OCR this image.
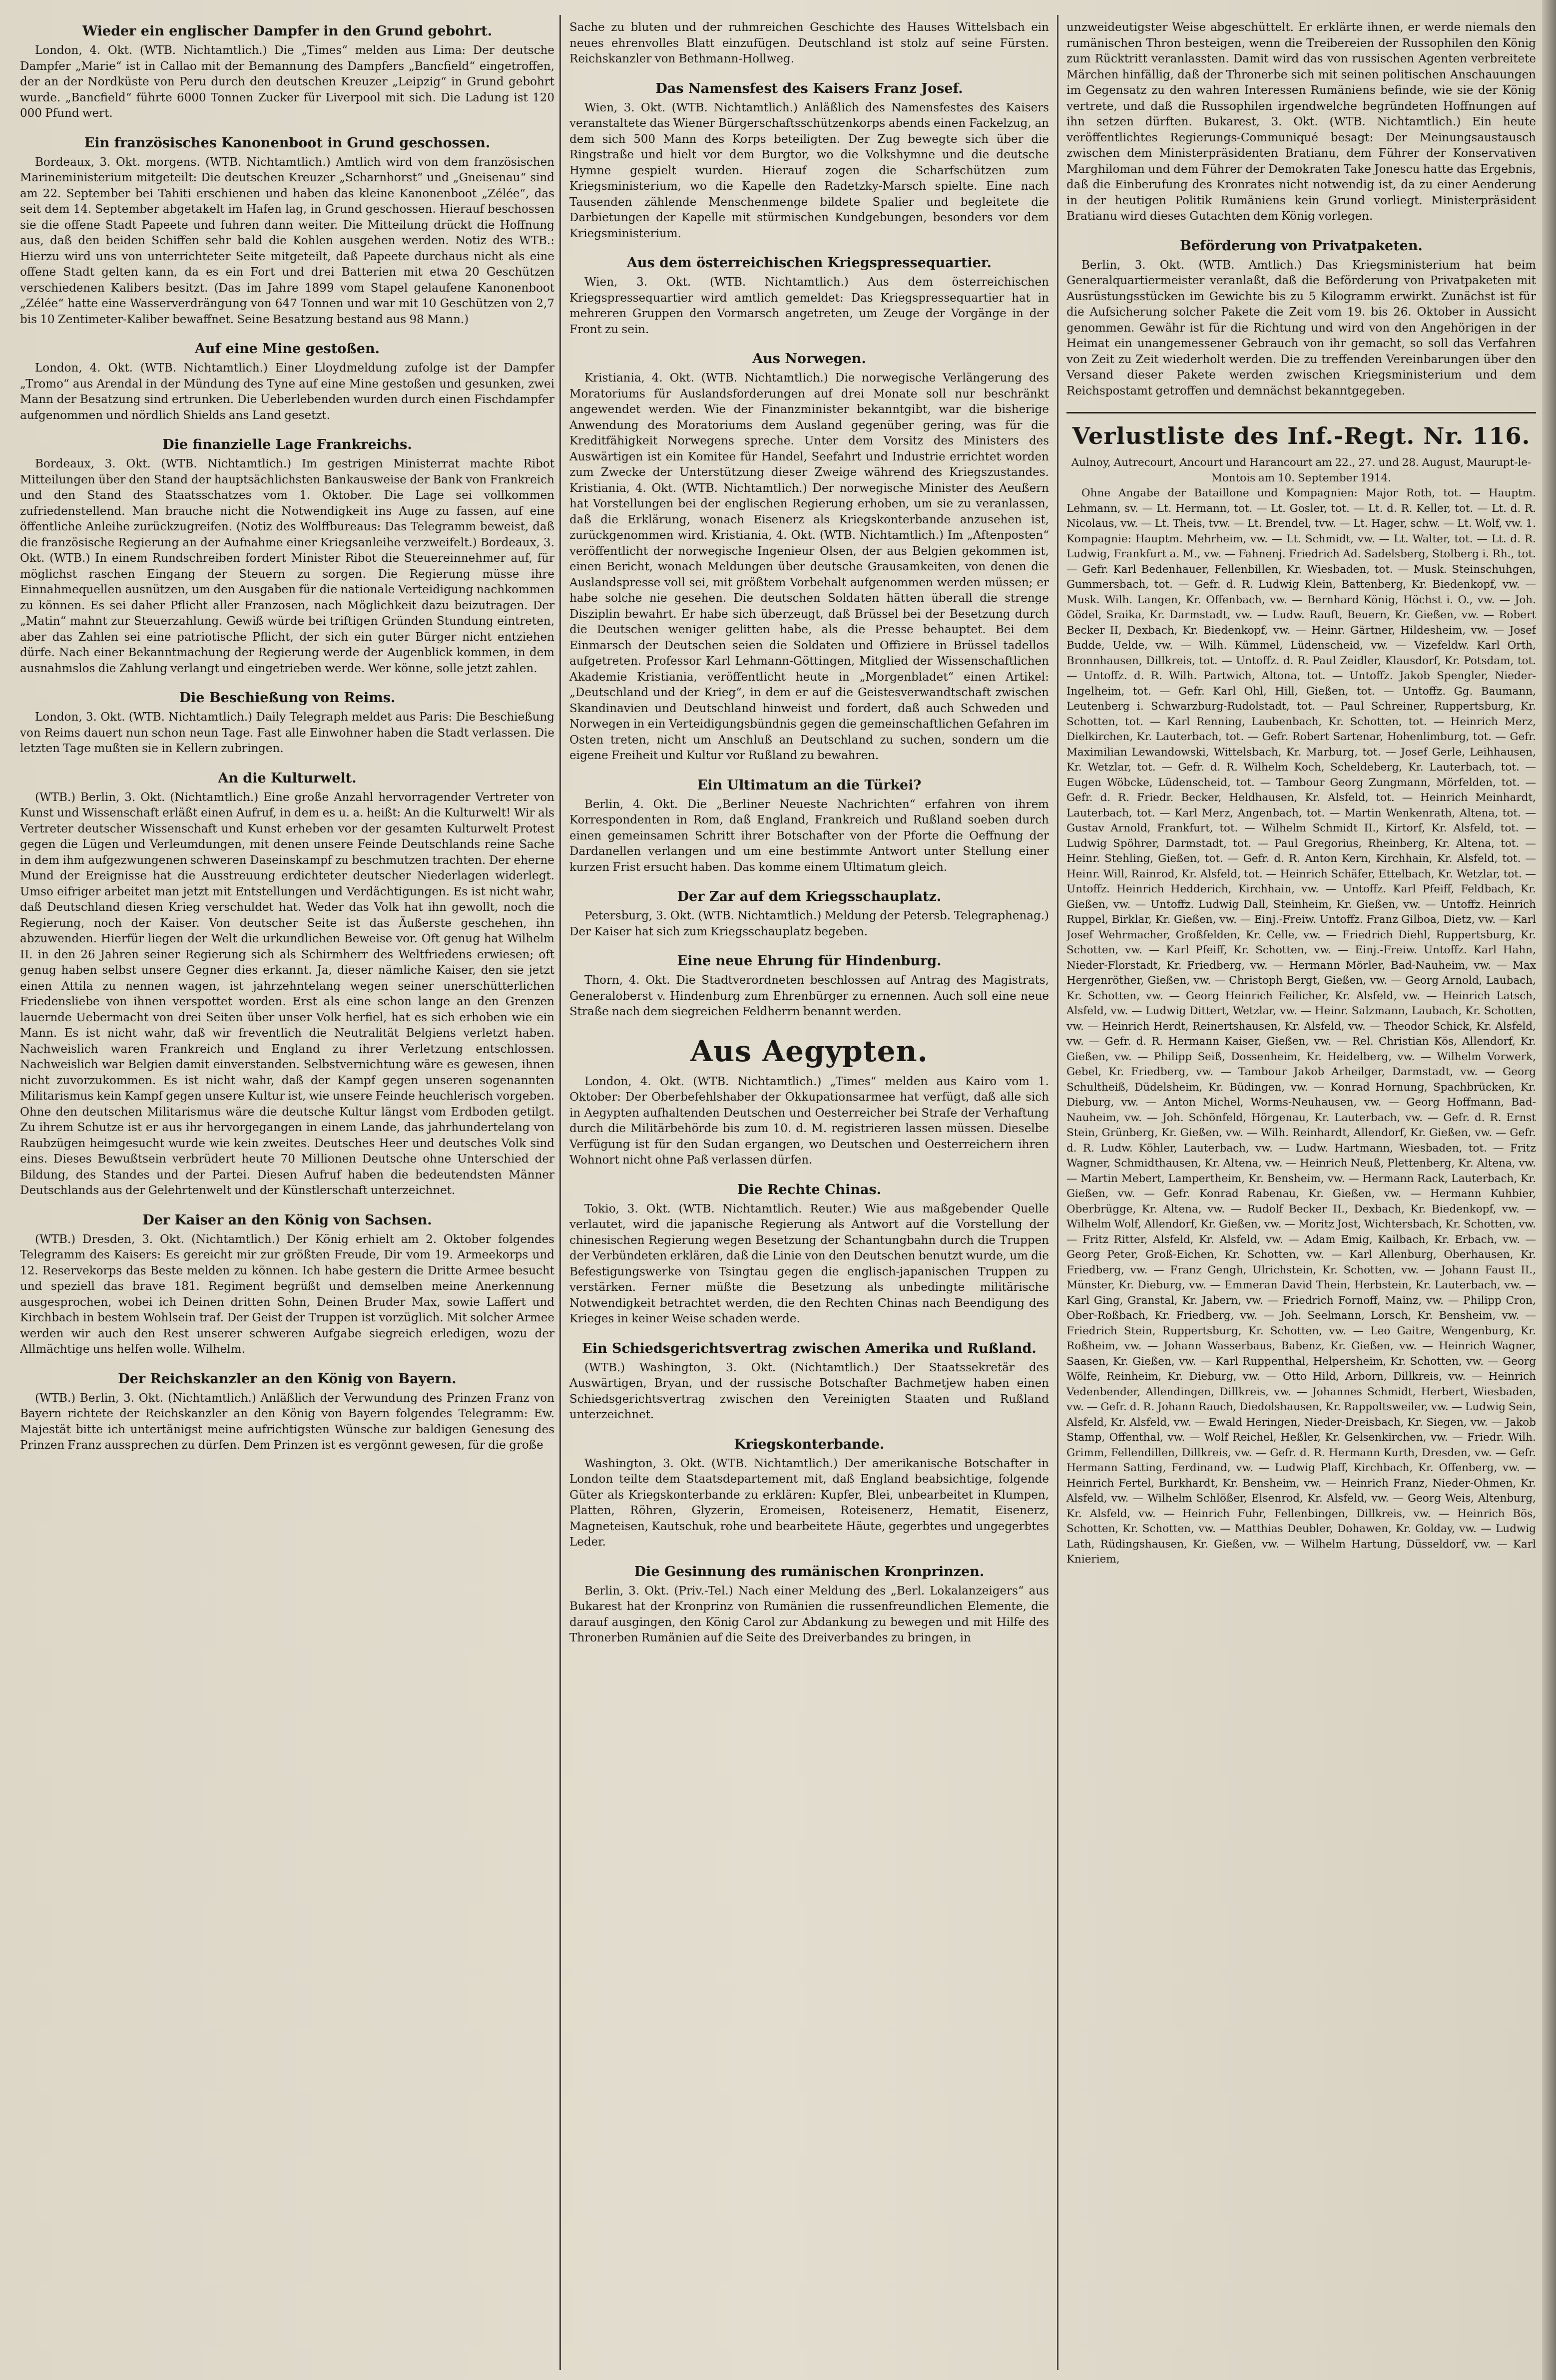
Wieder ein englischer Dampfer in den Grund gebohrt.

London, 4. Okt. (WTB. Nichtamtlich.) Die „Times“ melden aus Lima: Der deutsche Dampfer „Marie“ ist in Callao mit der Bemannung des Dampfers „Bancfield“ eingetroffen, der an der Nordküste von Peru durch den deutschen Kreuzer „Leipzig“ in Grund gebohrt wurde. „Bancfield“ führte 6000 Tonnen Zucker für Liverpool mit sich. Die Ladung ist 120 000 Pfund wert.

Ein französisches Kanonenboot in Grund geschossen.

Bordeaux, 3. Okt. morgens. (WTB. Nichtamtlich.) Amtlich wird von dem französischen Marineministerium mitgeteilt: Die deutschen Kreuzer „Scharnhorst“ und „Gneisenau“ sind am 22. September bei Tahiti erschienen und haben das kleine Kanonenboot „Zélée“, das seit dem 14. September abgetakelt im Hafen lag, in Grund geschossen. Hierauf beschossen sie die offene Stadt Papeete und fuhren dann weiter. Die Mitteilung drückt die Hoffnung aus, daß den beiden Schiffen sehr bald die Kohlen ausgehen werden. Notiz des WTB.: Hierzu wird uns von unterrichteter Seite mitgeteilt, daß Papeete durchaus nicht als eine offene Stadt gelten kann, da es ein Fort und drei Batterien mit etwa 20 Geschützen verschiedenen Kalibers besitzt. (Das im Jahre 1899 vom Stapel gelaufene Kanonenboot „Zélée“ hatte eine Wasserverdrängung von 647 Tonnen und war mit 10 Geschützen von 2,7 bis 10 Zentimeter-Kaliber bewaffnet. Seine Besatzung bestand aus 98 Mann.)

Auf eine Mine gestoßen.

London, 4. Okt. (WTB. Nichtamtlich.) Einer Lloydmeldung zufolge ist der Dampfer „Tromo“ aus Arendal in der Mündung des Tyne auf eine Mine gestoßen und gesunken, zwei Mann der Besatzung sind ertrunken. Die Ueberlebenden wurden durch einen Fischdampfer aufgenommen und nördlich Shields ans Land gesetzt.

Die finanzielle Lage Frankreichs.

Bordeaux, 3. Okt. (WTB. Nichtamtlich.) Im gestrigen Ministerrat machte Ribot Mitteilungen über den Stand der hauptsächlichsten Bankausweise der Bank von Frankreich und den Stand des Staatsschatzes vom 1. Oktober. Die Lage sei vollkommen zufriedenstellend. Man brauche nicht die Notwendigkeit ins Auge zu fassen, auf eine öffentliche Anleihe zurückzugreifen. (Notiz des Wolffbureaus: Das Telegramm beweist, daß die französische Regierung an der Aufnahme einer Kriegsanleihe verzweifelt.) Bordeaux, 3. Okt. (WTB.) In einem Rundschreiben fordert Minister Ribot die Steuereinnehmer auf, für möglichst raschen Eingang der Steuern zu sorgen. Die Regierung müsse ihre Einnahmequellen ausnützen, um den Ausgaben für die nationale Verteidigung nachkommen zu können. Es sei daher Pflicht aller Franzosen, nach Möglichkeit dazu beizutragen. Der „Matin“ mahnt zur Steuerzahlung. Gewiß würde bei triftigen Gründen Stundung eintreten, aber das Zahlen sei eine patriotische Pflicht, der sich ein guter Bürger nicht entziehen dürfe. Nach einer Bekanntmachung der Regierung werde der Augenblick kommen, in dem ausnahmslos die Zahlung verlangt und eingetrieben werde. Wer könne, solle jetzt zahlen.

Die Beschießung von Reims.

London, 3. Okt. (WTB. Nichtamtlich.) Daily Telegraph meldet aus Paris: Die Beschießung von Reims dauert nun schon neun Tage. Fast alle Einwohner haben die Stadt verlassen. Die letzten Tage mußten sie in Kellern zubringen.

An die Kulturwelt.

(WTB.) Berlin, 3. Okt. (Nichtamtlich.) Eine große Anzahl hervorragender Vertreter von Kunst und Wissenschaft erläßt einen Aufruf, in dem es u. a. heißt: An die Kulturwelt! Wir als Vertreter deutscher Wissenschaft und Kunst erheben vor der gesamten Kulturwelt Protest gegen die Lügen und Verleumdungen, mit denen unsere Feinde Deutschlands reine Sache in dem ihm aufgezwungenen schweren Daseinskampf zu beschmutzen trachten. Der eherne Mund der Ereignisse hat die Ausstreuung erdichteter deutscher Niederlagen widerlegt. Umso eifriger arbeitet man jetzt mit Entstellungen und Verdächtigungen. Es ist nicht wahr, daß Deutschland diesen Krieg verschuldet hat. Weder das Volk hat ihn gewollt, noch die Regierung, noch der Kaiser. Von deutscher Seite ist das Äußerste geschehen, ihn abzuwenden. Hierfür liegen der Welt die urkundlichen Beweise vor. Oft genug hat Wilhelm II. in den 26 Jahren seiner Regierung sich als Schirmherr des Weltfriedens erwiesen; oft genug haben selbst unsere Gegner dies erkannt. Ja, dieser nämliche Kaiser, den sie jetzt einen Attila zu nennen wagen, ist jahrzehntelang wegen seiner unerschütterlichen Friedensliebe von ihnen verspottet worden. Erst als eine schon lange an den Grenzen lauernde Uebermacht von drei Seiten über unser Volk herfiel, hat es sich erhoben wie ein Mann. Es ist nicht wahr, daß wir freventlich die Neutralität Belgiens verletzt haben. Nachweislich waren Frankreich und England zu ihrer Verletzung entschlossen. Nachweislich war Belgien damit einverstanden. Selbstvernichtung wäre es gewesen, ihnen nicht zuvorzukommen. Es ist nicht wahr, daß der Kampf gegen unseren sogenannten Militarismus kein Kampf gegen unsere Kultur ist, wie unsere Feinde heuchlerisch vorgeben. Ohne den deutschen Militarismus wäre die deutsche Kultur längst vom Erdboden getilgt. Zu ihrem Schutze ist er aus ihr hervorgegangen in einem Lande, das jahrhundertelang von Raubzügen heimgesucht wurde wie kein zweites. Deutsches Heer und deutsches Volk sind eins. Dieses Bewußtsein verbrüdert heute 70 Millionen Deutsche ohne Unterschied der Bildung, des Standes und der Partei. Diesen Aufruf haben die bedeutendsten Männer Deutschlands aus der Gelehrtenwelt und der Künstlerschaft unterzeichnet.

Der Kaiser an den König von Sachsen.

(WTB.) Dresden, 3. Okt. (Nichtamtlich.) Der König erhielt am 2. Oktober folgendes Telegramm des Kaisers: Es gereicht mir zur größten Freude, Dir vom 19. Armeekorps und 12. Reservekorps das Beste melden zu können. Ich habe gestern die Dritte Armee besucht und speziell das brave 181. Regiment begrüßt und demselben meine Anerkennung ausgesprochen, wobei ich Deinen dritten Sohn, Deinen Bruder Max, sowie Laffert und Kirchbach in bestem Wohlsein traf. Der Geist der Truppen ist vorzüglich. Mit solcher Armee werden wir auch den Rest unserer schweren Aufgabe siegreich erledigen, wozu der Allmächtige uns helfen wolle. Wilhelm.

Der Reichskanzler an den König von Bayern.

(WTB.) Berlin, 3. Okt. (Nichtamtlich.) Anläßlich der Verwundung des Prinzen Franz von Bayern richtete der Reichskanzler an den König von Bayern folgendes Telegramm: Ew. Majestät bitte ich untertänigst meine aufrichtigsten Wünsche zur baldigen Genesung des Prinzen Franz aussprechen zu dürfen. Dem Prinzen ist es vergönnt gewesen, für die große

Sache zu bluten und der ruhmreichen Geschichte des Hauses Wittelsbach ein neues ehrenvolles Blatt einzufügen. Deutschland ist stolz auf seine Fürsten. Reichskanzler von Bethmann-Hollweg.

Das Namensfest des Kaisers Franz Josef.

Wien, 3. Okt. (WTB. Nichtamtlich.) Anläßlich des Namensfestes des Kaisers veranstaltete das Wiener Bürgerschaftsschützenkorps abends einen Fackelzug, an dem sich 500 Mann des Korps beteiligten. Der Zug bewegte sich über die Ringstraße und hielt vor dem Burgtor, wo die Volkshymne und die deutsche Hymne gespielt wurden. Hierauf zogen die Scharfschützen zum Kriegsministerium, wo die Kapelle den Radetzky-Marsch spielte. Eine nach Tausenden zählende Menschenmenge bildete Spalier und begleitete die Darbietungen der Kapelle mit stürmischen Kundgebungen, besonders vor dem Kriegsministerium.

Aus dem österreichischen Kriegspressequartier.

Wien, 3. Okt. (WTB. Nichtamtlich.) Aus dem österreichischen Kriegspressequartier wird amtlich gemeldet: Das Kriegspressequartier hat in mehreren Gruppen den Vormarsch angetreten, um Zeuge der Vorgänge in der Front zu sein.

Aus Norwegen.

Kristiania, 4. Okt. (WTB. Nichtamtlich.) Die norwegische Verlängerung des Moratoriums für Auslandsforderungen auf drei Monate soll nur beschränkt angewendet werden. Wie der Finanzminister bekanntgibt, war die bisherige Anwendung des Moratoriums dem Ausland gegenüber gering, was für die Kreditfähigkeit Norwegens spreche. Unter dem Vorsitz des Ministers des Auswärtigen ist ein Komitee für Handel, Seefahrt und Industrie errichtet worden zum Zwecke der Unterstützung dieser Zweige während des Kriegszustandes. Kristiania, 4. Okt. (WTB. Nichtamtlich.) Der norwegische Minister des Aeußern hat Vorstellungen bei der englischen Regierung erhoben, um sie zu veranlassen, daß die Erklärung, wonach Eisenerz als Kriegskonterbande anzusehen ist, zurückgenommen wird. Kristiania, 4. Okt. (WTB. Nichtamtlich.) Im „Aftenposten“ veröffentlicht der norwegische Ingenieur Olsen, der aus Belgien gekommen ist, einen Bericht, wonach Meldungen über deutsche Grausamkeiten, von denen die Auslandspresse voll sei, mit größtem Vorbehalt aufgenommen werden müssen; er habe solche nie gesehen. Die deutschen Soldaten hätten überall die strenge Disziplin bewahrt. Er habe sich überzeugt, daß Brüssel bei der Besetzung durch die Deutschen weniger gelitten habe, als die Presse behauptet. Bei dem Einmarsch der Deutschen seien die Soldaten und Offiziere in Brüssel tadellos aufgetreten. Professor Karl Lehmann-Göttingen, Mitglied der Wissenschaftlichen Akademie Kristiania, veröffentlicht heute in „Morgenbladet“ einen Artikel: „Deutschland und der Krieg“, in dem er auf die Geistesverwandtschaft zwischen Skandinavien und Deutschland hinweist und fordert, daß auch Schweden und Norwegen in ein Verteidigungsbündnis gegen die gemeinschaftlichen Gefahren im Osten treten, nicht um Anschluß an Deutschland zu suchen, sondern um die eigene Freiheit und Kultur vor Rußland zu bewahren.

Ein Ultimatum an die Türkei?

Berlin, 4. Okt. Die „Berliner Neueste Nachrichten“ erfahren von ihrem Korrespondenten in Rom, daß England, Frankreich und Rußland soeben durch einen gemeinsamen Schritt ihrer Botschafter von der Pforte die Oeffnung der Dardanellen verlangen und um eine bestimmte Antwort unter Stellung einer kurzen Frist ersucht haben. Das komme einem Ultimatum gleich.

Der Zar auf dem Kriegsschauplatz.

Petersburg, 3. Okt. (WTB. Nichtamtlich.) Meldung der Petersb. Telegraphenag.) Der Kaiser hat sich zum Kriegsschauplatz begeben.

Eine neue Ehrung für Hindenburg.

Thorn, 4. Okt. Die Stadtverordneten beschlossen auf Antrag des Magistrats, Generaloberst v. Hindenburg zum Ehrenbürger zu ernennen. Auch soll eine neue Straße nach dem siegreichen Feldherrn benannt werden.

Aus Aegypten.

London, 4. Okt. (WTB. Nichtamtlich.) „Times“ melden aus Kairo vom 1. Oktober: Der Oberbefehlshaber der Okkupationsarmee hat verfügt, daß alle sich in Aegypten aufhaltenden Deutschen und Oesterreicher bei Strafe der Verhaftung durch die Militärbehörde bis zum 10. d. M. registrieren lassen müssen. Dieselbe Verfügung ist für den Sudan ergangen, wo Deutschen und Oesterreichern ihren Wohnort nicht ohne Paß verlassen dürfen.

Die Rechte Chinas.

Tokio, 3. Okt. (WTB. Nichtamtlich. Reuter.) Wie aus maßgebender Quelle verlautet, wird die japanische Regierung als Antwort auf die Vorstellung der chinesischen Regierung wegen Besetzung der Schantungbahn durch die Truppen der Verbündeten erklären, daß die Linie von den Deutschen benutzt wurde, um die Befestigungswerke von Tsingtau gegen die englisch-japanischen Truppen zu verstärken. Ferner müßte die Besetzung als unbedingte militärische Notwendigkeit betrachtet werden, die den Rechten Chinas nach Beendigung des Krieges in keiner Weise schaden werde.

Ein Schiedsgerichtsvertrag zwischen Amerika und Rußland.

(WTB.) Washington, 3. Okt. (Nichtamtlich.) Der Staatssekretär des Auswärtigen, Bryan, und der russische Botschafter Bachmetjew haben einen Schiedsgerichtsvertrag zwischen den Vereinigten Staaten und Rußland unterzeichnet.

Kriegskonterbande.

Washington, 3. Okt. (WTB. Nichtamtlich.) Der amerikanische Botschafter in London teilte dem Staatsdepartement mit, daß England beabsichtige, folgende Güter als Kriegskonterbande zu erklären: Kupfer, Blei, unbearbeitet in Klumpen, Platten, Röhren, Glyzerin, Eromeisen, Roteisenerz, Hematit, Eisenerz, Magneteisen, Kautschuk, rohe und bearbeitete Häute, gegerbtes und ungegerbtes Leder.

Die Gesinnung des rumänischen Kronprinzen.

Berlin, 3. Okt. (Priv.-Tel.) Nach einer Meldung des „Berl. Lokalanzeigers“ aus Bukarest hat der Kronprinz von Rumänien die russenfreundlichen Elemente, die darauf ausgingen, den König Carol zur Abdankung zu bewegen und mit Hilfe des Thronerben Rumänien auf die Seite des Dreiverbandes zu bringen, in

unzweideutigster Weise abgeschüttelt. Er erklärte ihnen, er werde niemals den rumänischen Thron besteigen, wenn die Treibereien der Russophilen den König zum Rücktritt veranlassten. Damit wird das von russischen Agenten verbreitete Märchen hinfällig, daß der Thronerbe sich mit seinen politischen Anschauungen im Gegensatz zu den wahren Interessen Rumäniens befinde, wie sie der König vertrete, und daß die Russophilen irgendwelche begründeten Hoffnungen auf ihn setzen dürften. Bukarest, 3. Okt. (WTB. Nichtamtlich.) Ein heute veröffentlichtes Regierungs-Communiqué besagt: Der Meinungsaustausch zwischen dem Ministerpräsidenten Bratianu, dem Führer der Konservativen Marghiloman und dem Führer der Demokraten Take Jonescu hatte das Ergebnis, daß die Einberufung des Kronrates nicht notwendig ist, da zu einer Aenderung in der heutigen Politik Rumäniens kein Grund vorliegt. Ministerpräsident Bratianu wird dieses Gutachten dem König vorlegen.

Beförderung von Privatpaketen.

Berlin, 3. Okt. (WTB. Amtlich.) Das Kriegsministerium hat beim Generalquartiermeister veranlaßt, daß die Beförderung von Privatpaketen mit Ausrüstungsstücken im Gewichte bis zu 5 Kilogramm erwirkt. Zunächst ist für die Aufsicherung solcher Pakete die Zeit vom 19. bis 26. Oktober in Aussicht genommen. Gewähr ist für die Richtung und wird von den Angehörigen in der Heimat ein unangemessener Gebrauch von ihr gemacht, so soll das Verfahren von Zeit zu Zeit wiederholt werden. Die zu treffenden Vereinbarungen über den Versand dieser Pakete werden zwischen Kriegsministerium und dem Reichspostamt getroffen und demnächst bekanntgegeben.

Verlustliste des Inf.-Regt. Nr. 116.

Aulnoy, Autrecourt, Ancourt und Harancourt am 22., 27. und 28. August, Maurupt-le-Montois am 10. September 1914.

Ohne Angabe der Bataillone und Kompagnien: Major Roth, tot. — Hauptm. Lehmann, sv. — Lt. Hermann, tot. — Lt. Gosler, tot. — Lt. d. R. Keller, tot. — Lt. d. R. Nicolaus, vw. — Lt. Theis, tvw. — Lt. Brendel, tvw. — Lt. Hager, schw. — Lt. Wolf, vw. 1. Kompagnie: Hauptm. Mehrheim, vw. — Lt. Schmidt, vw. — Lt. Walter, tot. — Lt. d. R. Ludwig, Frankfurt a. M., vw. — Fahnenj. Friedrich Ad. Sadelsberg, Stolberg i. Rh., tot. — Gefr. Karl Bedenhauer, Fellenbillen, Kr. Wiesbaden, tot. — Musk. Steinschuhgen, Gummersbach, tot. — Gefr. d. R. Ludwig Klein, Battenberg, Kr. Biedenkopf, vw. — Musk. Wilh. Langen, Kr. Offenbach, vw. — Bernhard König, Höchst i. O., vw. — Joh. Gödel, Sraika, Kr. Darmstadt, vw. — Ludw. Rauft, Beuern, Kr. Gießen, vw. — Robert Becker II, Dexbach, Kr. Biedenkopf, vw. — Heinr. Gärtner, Hildesheim, vw. — Josef Budde, Uelde, vw. — Wilh. Kümmel, Lüdenscheid, vw. — Vizefeldw. Karl Orth, Bronnhausen, Dillkreis, tot. — Untoffz. d. R. Paul Zeidler, Klausdorf, Kr. Potsdam, tot. — Untoffz. d. R. Wilh. Partwich, Altona, tot. — Untoffz. Jakob Spengler, Nieder-Ingelheim, tot. — Gefr. Karl Ohl, Hill, Gießen, tot. — Untoffz. Gg. Baumann, Leutenberg i. Schwarzburg-Rudolstadt, tot. — Paul Schreiner, Ruppertsburg, Kr. Schotten, tot. — Karl Renning, Laubenbach, Kr. Schotten, tot. — Heinrich Merz, Dielkirchen, Kr. Lauterbach, tot. — Gefr. Robert Sartenar, Hohenlimburg, tot. — Gefr. Maximilian Lewandowski, Wittelsbach, Kr. Marburg, tot. — Josef Gerle, Leihhausen, Kr. Wetzlar, tot. — Gefr. d. R. Wilhelm Koch, Scheldeberg, Kr. Lauterbach, tot. — Eugen Wöbcke, Lüdenscheid, tot. — Tambour Georg Zungmann, Mörfelden, tot. — Gefr. d. R. Friedr. Becker, Heldhausen, Kr. Alsfeld, tot. — Heinrich Meinhardt, Lauterbach, tot. — Karl Merz, Angenbach, tot. — Martin Wenkenrath, Altena, tot. — Gustav Arnold, Frankfurt, tot. — Wilhelm Schmidt II., Kirtorf, Kr. Alsfeld, tot. — Ludwig Spöhrer, Darmstadt, tot. — Paul Gregorius, Rheinberg, Kr. Altena, tot. — Heinr. Stehling, Gießen, tot. — Gefr. d. R. Anton Kern, Kirchhain, Kr. Alsfeld, tot. — Heinr. Will, Rainrod, Kr. Alsfeld, tot. — Heinrich Schäfer, Ettelbach, Kr. Wetzlar, tot. — Untoffz. Heinrich Hedderich, Kirchhain, vw. — Untoffz. Karl Pfeiff, Feldbach, Kr. Gießen, vw. — Untoffz. Ludwig Dall, Steinheim, Kr. Gießen, vw. — Untoffz. Heinrich Ruppel, Birklar, Kr. Gießen, vw. — Einj.-Freiw. Untoffz. Franz Gilboa, Dietz, vw. — Karl Josef Wehrmacher, Großfelden, Kr. Celle, vw. — Friedrich Diehl, Ruppertsburg, Kr. Schotten, vw. — Karl Pfeiff, Kr. Schotten, vw. — Einj.-Freiw. Untoffz. Karl Hahn, Nieder-Florstadt, Kr. Friedberg, vw. — Hermann Mörler, Bad-Nauheim, vw. — Max Hergenröther, Gießen, vw. — Christoph Bergt, Gießen, vw. — Georg Arnold, Laubach, Kr. Schotten, vw. — Georg Heinrich Feilicher, Kr. Alsfeld, vw. — Heinrich Latsch, Alsfeld, vw. — Ludwig Dittert, Wetzlar, vw. — Heinr. Salzmann, Laubach, Kr. Schotten, vw. — Heinrich Herdt, Reinertshausen, Kr. Alsfeld, vw. — Theodor Schick, Kr. Alsfeld, vw. — Gefr. d. R. Hermann Kaiser, Gießen, vw. — Rel. Christian Kös, Allendorf, Kr. Gießen, vw. — Philipp Seiß, Dossenheim, Kr. Heidelberg, vw. — Wilhelm Vorwerk, Gebel, Kr. Friedberg, vw. — Tambour Jakob Arheilger, Darmstadt, vw. — Georg Schultheiß, Düdelsheim, Kr. Büdingen, vw. — Konrad Hornung, Spachbrücken, Kr. Dieburg, vw. — Anton Michel, Worms-Neuhausen, vw. — Georg Hoffmann, Bad-Nauheim, vw. — Joh. Schönfeld, Hörgenau, Kr. Lauterbach, vw. — Gefr. d. R. Ernst Stein, Grünberg, Kr. Gießen, vw. — Wilh. Reinhardt, Allendorf, Kr. Gießen, vw. — Gefr. d. R. Ludw. Köhler, Lauterbach, vw. — Ludw. Hartmann, Wiesbaden, tot. — Fritz Wagner, Schmidthausen, Kr. Altena, vw. — Heinrich Neuß, Plettenberg, Kr. Altena, vw. — Martin Mebert, Lampertheim, Kr. Bensheim, vw. — Hermann Rack, Lauterbach, Kr. Gießen, vw. — Gefr. Konrad Rabenau, Kr. Gießen, vw. — Hermann Kuhbier, Oberbrügge, Kr. Altena, vw. — Rudolf Becker II., Dexbach, Kr. Biedenkopf, vw. — Wilhelm Wolf, Allendorf, Kr. Gießen, vw. — Moritz Jost, Wichtersbach, Kr. Schotten, vw. — Fritz Ritter, Alsfeld, Kr. Alsfeld, vw. — Adam Emig, Kailbach, Kr. Erbach, vw. — Georg Peter, Groß-Eichen, Kr. Schotten, vw. — Karl Allenburg, Oberhausen, Kr. Friedberg, vw. — Franz Gengh, Ulrichstein, Kr. Schotten, vw. — Johann Faust II., Münster, Kr. Dieburg, vw. — Emmeran David Thein, Herbstein, Kr. Lauterbach, vw. — Karl Ging, Granstal, Kr. Jabern, vw. — Friedrich Fornoff, Mainz, vw. — Philipp Cron, Ober-Roßbach, Kr. Friedberg, vw. — Joh. Seelmann, Lorsch, Kr. Bensheim, vw. — Friedrich Stein, Ruppertsburg, Kr. Schotten, vw. — Leo Gaitre, Wengenburg, Kr. Roßheim, vw. — Johann Wasserbaus, Babenz, Kr. Gießen, vw. — Heinrich Wagner, Saasen, Kr. Gießen, vw. — Karl Ruppenthal, Helpersheim, Kr. Schotten, vw. — Georg Wölfe, Reinheim, Kr. Dieburg, vw. — Otto Hild, Arborn, Dillkreis, vw. — Heinrich Vedenbender, Allendingen, Dillkreis, vw. — Johannes Schmidt, Herbert, Wiesbaden, vw. — Gefr. d. R. Johann Rauch, Diedolshausen, Kr. Rappoltsweiler, vw. — Ludwig Sein, Alsfeld, Kr. Alsfeld, vw. — Ewald Heringen, Nieder-Dreisbach, Kr. Siegen, vw. — Jakob Stamp, Offenthal, vw. — Wolf Reichel, Heßler, Kr. Gelsenkirchen, vw. — Friedr. Wilh. Grimm, Fellendillen, Dillkreis, vw. — Gefr. d. R. Hermann Kurth, Dresden, vw. — Gefr. Hermann Satting, Ferdinand, vw. — Ludwig Plaff, Kirchbach, Kr. Offenberg, vw. — Heinrich Fertel, Burkhardt, Kr. Bensheim, vw. — Heinrich Franz, Nieder-Ohmen, Kr. Alsfeld, vw. — Wilhelm Schlößer, Elsenrod, Kr. Alsfeld, vw. — Georg Weis, Altenburg, Kr. Alsfeld, vw. — Heinrich Fuhr, Fellenbingen, Dillkreis, vw. — Heinrich Bös, Schotten, Kr. Schotten, vw. — Matthias Deubler, Dohawen, Kr. Golday, vw. — Ludwig Lath, Rüdingshausen, Kr. Gießen, vw. — Wilhelm Hartung, Düsseldorf, vw. — Karl Knieriem,
